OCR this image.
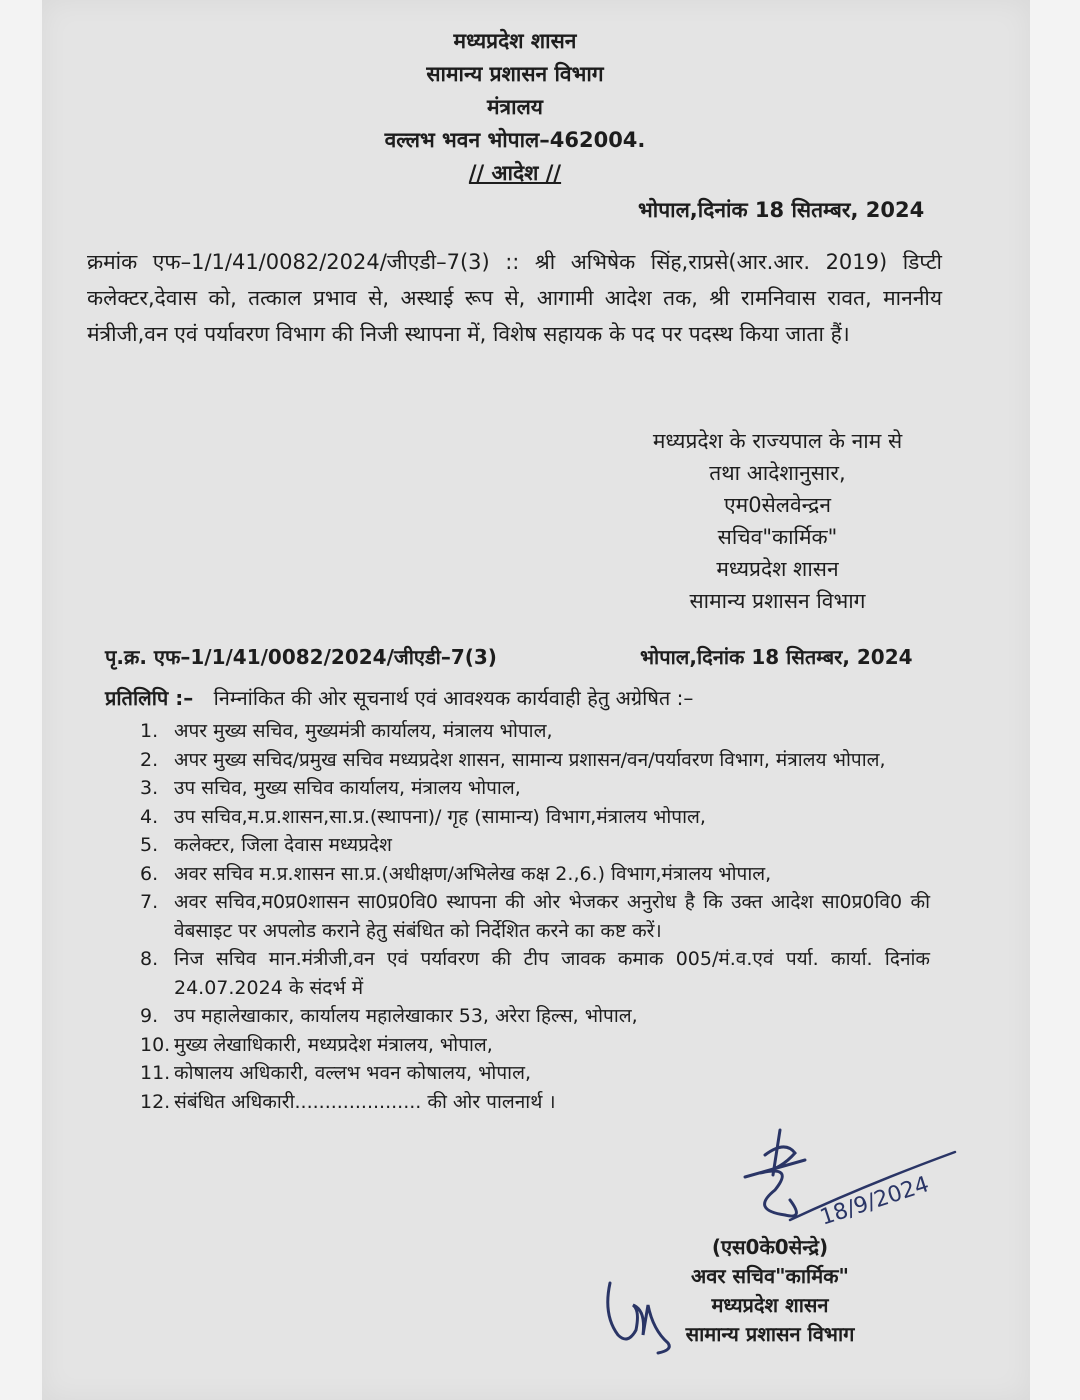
मध्यप्रदेश शासन
सामान्य प्रशासन विभाग
मंत्रालय
वल्लभ भवन भोपाल–462004.
// आदेश //
भोपाल,दिनांक 18 सितम्बर, 2024
क्रमांक एफ–1/1/41/0082/2024/जीएडी–7(3) :: श्री अभिषेक सिंह,राप्रसे(आर.आर. 2019) डिप्टी कलेक्टर,देवास को, तत्काल प्रभाव से, अस्थाई रूप से, आगामी आदेश तक, श्री रामनिवास रावत, माननीय मंत्रीजी,वन एवं पर्यावरण विभाग की निजी स्थापना में, विशेष सहायक के पद पर पदस्थ किया जाता हैं।
मध्यप्रदेश के राज्यपाल के नाम से
तथा आदेशानुसार,
एम0सेलवेन्द्रन
सचिव"कार्मिक"
मध्यप्रदेश शासन
सामान्य प्रशासन विभाग
पृ.क्र. एफ–1/1/41/0082/2024/जीएडी–7(3)	भोपाल,दिनांक 18 सितम्बर, 2024
प्रतिलिपि :– निम्नांकित की ओर सूचनार्थ एवं आवश्यक कार्यवाही हेतु अग्रेषित :–
1. अपर मुख्य सचिव, मुख्यमंत्री कार्यालय, मंत्रालय भोपाल,
2. अपर मुख्य सचिद/प्रमुख सचिव मध्यप्रदेश शासन, सामान्य प्रशासन/वन/पर्यावरण विभाग, मंत्रालय भोपाल,
3. उप सचिव, मुख्य सचिव कार्यालय, मंत्रालय भोपाल,
4. उप सचिव,म.प्र.शासन,सा.प्र.(स्थापना)/ गृह (सामान्य) विभाग,मंत्रालय भोपाल,
5. कलेक्टर, जिला देवास मध्यप्रदेश
6. अवर सचिव म.प्र.शासन सा.प्र.(अधीक्षण/अभिलेख कक्ष 2.,6.) विभाग,मंत्रालय भोपाल,
7. अवर सचिव,म0प्र0शासन सा0प्र0वि0 स्थापना की ओर भेजकर अनुरोध है कि उक्त आदेश सा0प्र0वि0 की वेबसाइट पर अपलोड कराने हेतु संबंधित को निर्देशित करने का कष्ट करें।
8. निज सचिव मान.मंत्रीजी,वन एवं पर्यावरण की टीप जावक कमाक 005/मं.व.एवं पर्या. कार्या. दिनांक 24.07.2024 के संदर्भ में
9. उप महालेखाकार, कार्यालय महालेखाकार 53, अरेरा हिल्स, भोपाल,
10. मुख्य लेखाधिकारी, मध्यप्रदेश मंत्रालय, भोपाल,
11. कोषालय अधिकारी, वल्लभ भवन कोषालय, भोपाल,
12. संबंधित अधिकारी..................... की ओर पालनार्थ ।
18/9/2024
(एस0के0सेन्द्रे)
अवर सचिव"कार्मिक"
मध्यप्रदेश शासन
सामान्य प्रशासन विभाग
